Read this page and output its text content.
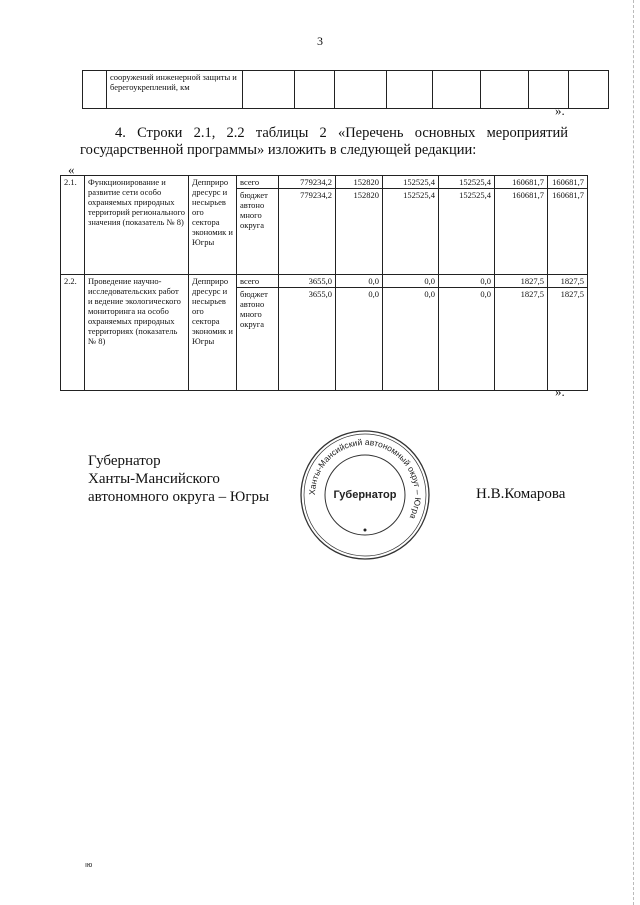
3
	сооружений инженерной защиты и берегоукреплений, км								
».
4. Строки 2.1, 2.2 таблицы 2 «Перечень основных мероприятий государственной программы» изложить в следующей редакции:
«
2.1.	Функционирование и развитие сети особо охраняемых природных территорий регионального значения (показатель № 8)	Депприро дресурс и несырьев ого сектора экономик и Югры	всего	779234,2	152820	152525,4	152525,4	160681,7	160681,7
			бюджет автоно много округа	779234,2	152820	152525,4	152525,4	160681,7	160681,7
2.2.	Проведение научно-исследовательских работ и ведение экологического мониторинга на особо охраняемых природных территориях (показатель № 8)	Депприро дресурс и несырьев ого сектора экономик и Югры	всего	3655,0	0,0	0,0	0,0	1827,5	1827,5
			бюджет автоно много округа	3655,0	0,0	0,0	0,0	1827,5	1827,5
».
Губернатор
Ханты-Мансийского
автономного округа – Югры	Ханты-Мансийский автономный округ – Югра
Губернатор	Н.В.Комарова
ıю
